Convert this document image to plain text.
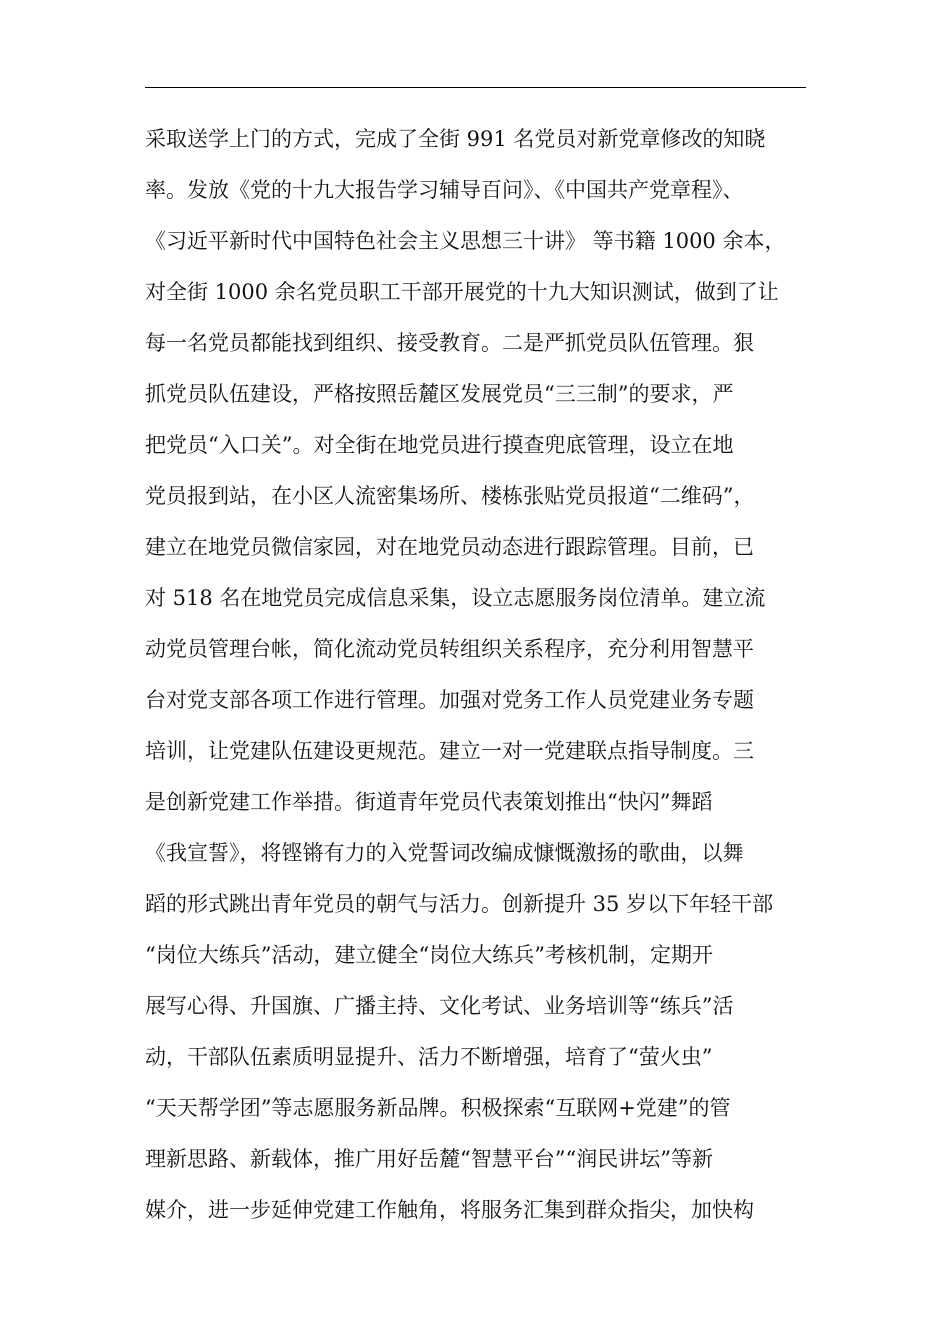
采取送学上门的方式，完成了全街 991 名党员对新党章修改的知晓
率。发放《党的十九大报告学习辅导百问》、《中国共产党章程》、
《习近平新时代中国特色社会主义思想三十讲》 等书籍 1000 余本，
对全街 1000 余名党员职工干部开展党的十九大知识测试，做到了让
每一名党员都能找到组织、接受教育。二是严抓党员队伍管理。狠
抓党员队伍建设，严格按照岳麓区发展党员“三三制”的要求，严
把党员“入口关”。对全街在地党员进行摸查兜底管理，设立在地
党员报到站，在小区人流密集场所、楼栋张贴党员报道“二维码”，
建立在地党员微信家园，对在地党员动态进行跟踪管理。目前，已
对 518 名在地党员完成信息采集，设立志愿服务岗位清单。建立流
动党员管理台帐，简化流动党员转组织关系程序，充分利用智慧平
台对党支部各项工作进行管理。加强对党务工作人员党建业务专题
培训，让党建队伍建设更规范。建立一对一党建联点指导制度。三
是创新党建工作举措。街道青年党员代表策划推出“快闪”舞蹈
《我宣誓》，将铿锵有力的入党誓词改编成慷慨激扬的歌曲，以舞
蹈的形式跳出青年党员的朝气与活力。创新提升 35 岁以下年轻干部
“岗位大练兵”活动，建立健全“岗位大练兵”考核机制，定期开
展写心得、升国旗、广播主持、文化考试、业务培训等“练兵”活
动，干部队伍素质明显提升、活力不断增强，培育了“萤火虫”
“天天帮学团”等志愿服务新品牌。积极探索“互联网+党建”的管
理新思路、新载体，推广用好岳麓“智慧平台”“润民讲坛”等新
媒介，进一步延伸党建工作触角，将服务汇集到群众指尖，加快构
